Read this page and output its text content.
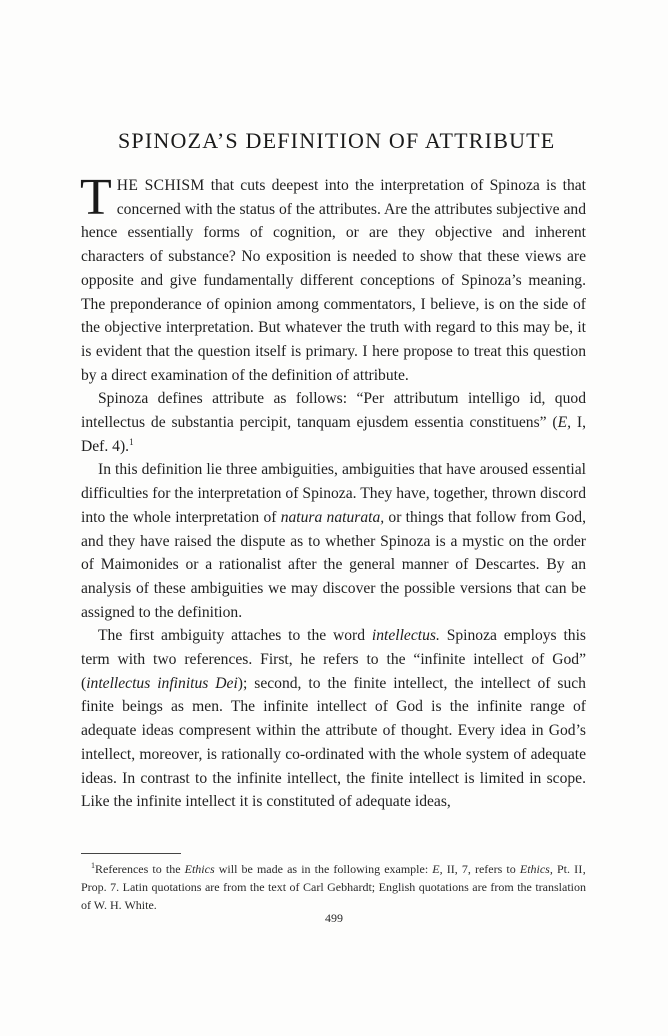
SPINOZA’S DEFINITION OF ATTRIBUTE

THE SCHISM that cuts deepest into the interpretation of Spinoza is that concerned with the status of the attributes. Are the attributes subjective and hence essentially forms of cognition, or are they objective and inherent characters of substance? No exposition is needed to show that these views are opposite and give fundamentally different conceptions of Spinoza’s meaning. The preponderance of opinion among commentators, I believe, is on the side of the objective interpretation. But whatever the truth with regard to this may be, it is evident that the question itself is primary. I here propose to treat this question by a direct examination of the definition of attribute.

Spinoza defines attribute as follows: “Per attributum intelligo id, quod intellectus de substantia percipit, tanquam ejusdem essentia constituens” (E, I, Def. 4).$^1$

In this definition lie three ambiguities, ambiguities that have aroused essential difficulties for the interpretation of Spinoza. They have, together, thrown discord into the whole interpretation of natura naturata, or things that follow from God, and they have raised the dispute as to whether Spinoza is a mystic on the order of Maimonides or a rationalist after the general manner of Descartes. By an analysis of these ambiguities we may discover the possible versions that can be assigned to the definition.

The first ambiguity attaches to the word intellectus. Spinoza employs this term with two references. First, he refers to the “infinite intellect of God” (intellectus infinitus Dei); second, to the finite intellect, the intellect of such finite beings as men. The infinite intellect of God is the infinite range of adequate ideas compresent within the attribute of thought. Every idea in God’s intellect, moreover, is rationally co-ordinated with the whole system of adequate ideas. In contrast to the infinite intellect, the finite intellect is limited in scope. Like the infinite intellect it is constituted of adequate ideas,

$^1$References to the Ethics will be made as in the following example: E, II, 7, refers to Ethics, Pt. II, Prop. 7. Latin quotations are from the text of Carl Gebhardt; English quotations are from the translation of W. H. White.
499
